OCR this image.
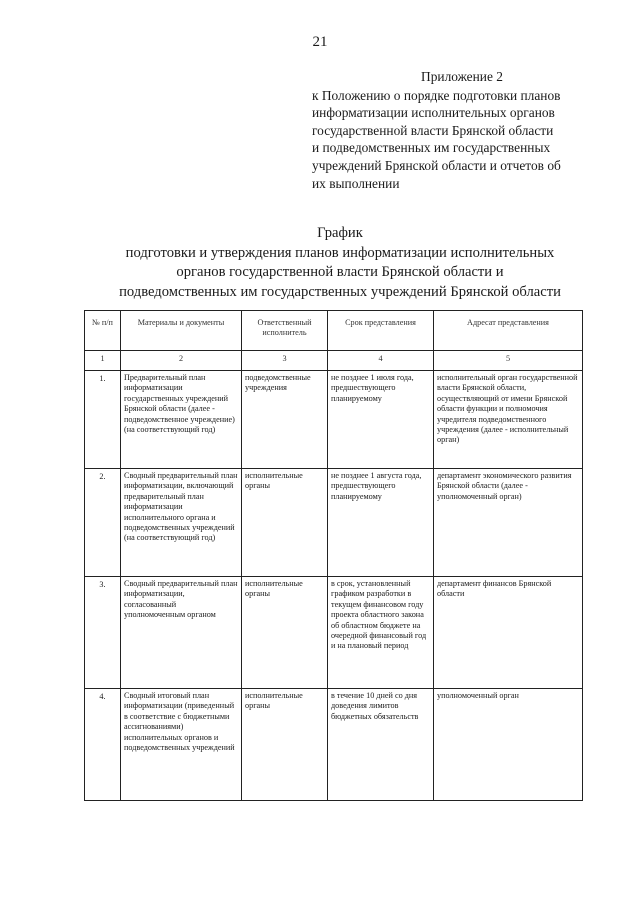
21
Приложение 2
к Положению о порядке подготовки планов
информатизации исполнительных органов
государственной власти Брянской области
и подведомственных им государственных
учреждений Брянской области и отчетов об
их выполнении
График
подготовки и утверждения планов информатизации исполнительных
органов государственной власти Брянской области и
подведомственных им государственных учреждений Брянской области
№ п/п	Материалы и документы	Ответственный исполнитель	Срок представления	Адресат представления
1	2	3	4	5
1.	Предварительный план информатизации государственных учреждений Брянской области (далее - подведомственное учреждение) (на соответствующий год)	подведомственные учреждения	не позднее 1 июля года, предшествующего планируемому	исполнительный орган государственной власти Брянской области, осуществляющий от имени Брянской области функции и полномочия учредителя подведомственного учреждения (далее - исполнительный орган)
2.	Сводный предварительный план информатизации, включающий предварительный план информатизации исполнительного органа и подведомственных учреждений (на соответствующий год)	исполнительные органы	не позднее 1 августа года, предшествующего планируемому	департамент экономического развития Брянской области (далее - уполномоченный орган)
3.	Сводный предварительный план информатизации, согласованный уполномоченным органом	исполнительные органы	в срок, установленный графиком разработки в текущем финансовом году проекта областного закона об областном бюджете на очередной финансовый год и на плановый период	департамент финансов Брянской области
4.	Сводный итоговый план информатизации (приведенный в соответствие с бюджетными ассигнованиями) исполнительных органов и подведомственных учреждений	исполнительные органы	в течение 10 дней со дня доведения лимитов бюджетных обязательств	уполномоченный орган
